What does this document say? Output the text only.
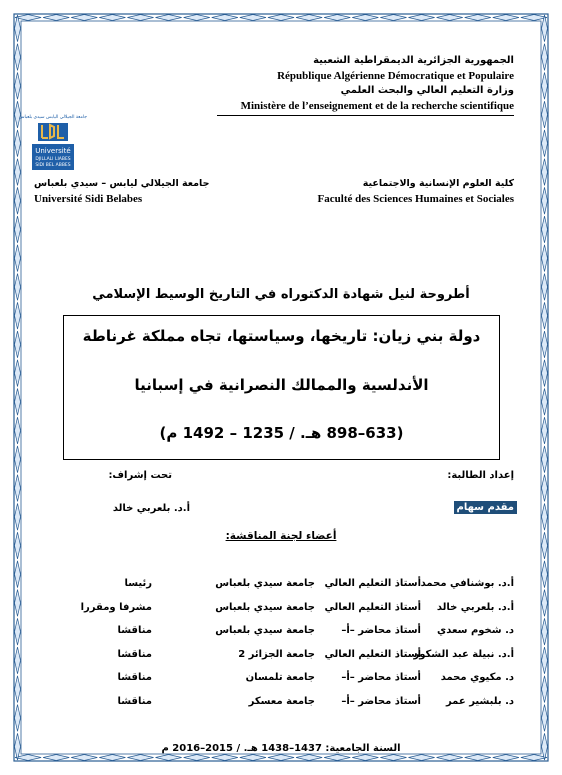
الجمهورية الجزائرية الديمقراطية الشعبية
République Algérienne Démocratique et Populaire
وزارة التعليم العالي والبحث العلمي
Ministère de l’enseignement et de la recherche scientifique
جامعة الجيلالي اليابس سيدي بلعباس
Université
DJILLALI LIABES
SIDI BEL ABBES
جامعة الجيلالي ليابس – سيدي بلعباس
Université Sidi Belabes
كلية العلوم الإنسانية والاجتماعية
Faculté des Sciences Humaines et Sociales
أطروحة لنيل شهادة الدكتوراه في التاريخ الوسيط الإسلامي
دولة بني زيان: تاريخها، وسياستها، تجاه مملكة غرناطة
الأندلسية والممالك النصرانية في إسبانيا
(633–898 هـ. / 1235 – 1492 م)
إعداد الطالبة:
تحت إشراف:
مقدم سهام
أ.د. بلعربي خالد
أعضاء لجنة المناقشة:
أ.د. بوشنافي محمد
أستاذ التعليم العالي
جامعة سيدي بلعباس
رئيسا
أ.د. بلعربي خالد
أستاذ التعليم العالي
جامعة سيدي بلعباس
مشرفا ومقررا
د. شخوم سعدي
أستاذ محاضر –أ–
جامعة سيدي بلعباس
مناقشا
أ.د. نبيلة عبد الشكور
أستاذ التعليم العالي
جامعة الجزائر 2
مناقشا
د. مكيوي محمد
أستاذ محاضر –أ–
جامعة تلمسان
مناقشا
د. بلبشير عمر
أستاذ محاضر –أ–
جامعة معسكر
مناقشا
السنة الجامعية: 1437–1438 هـ. / 2015–2016 م
